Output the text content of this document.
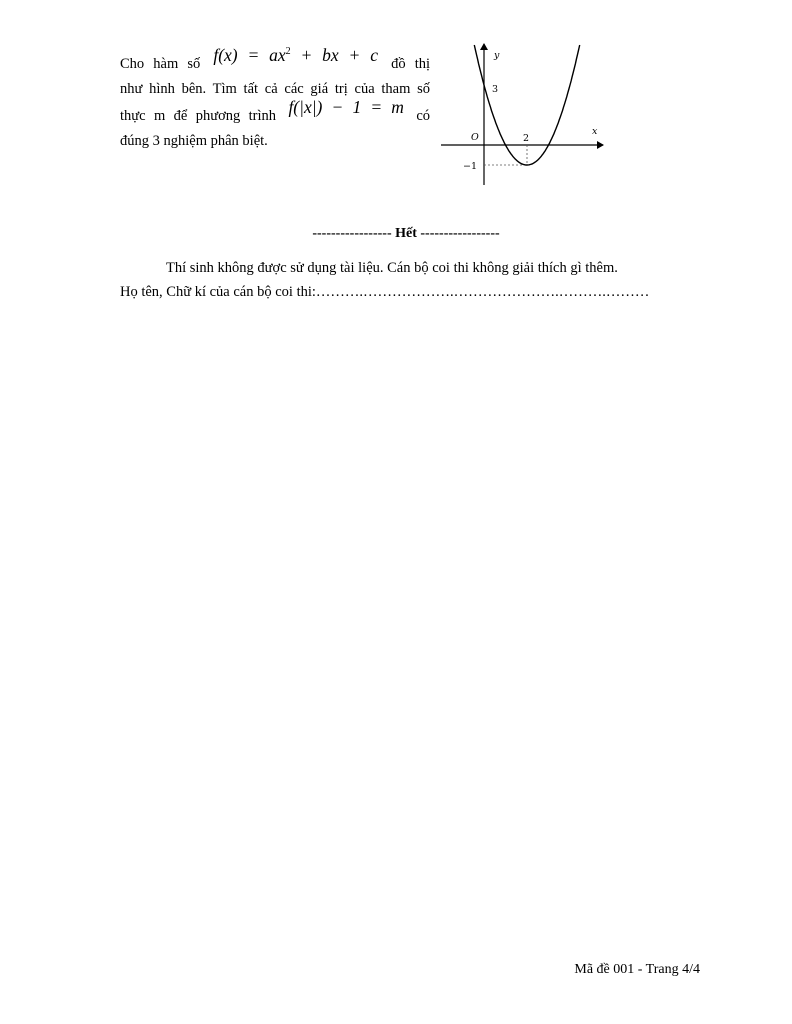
Cho hàm số $f(x) = ax^2$ + bx + c đồ thị
như hình bên. Tìm tất cả các giá trị của tham số
thực m để phương trình f(|x|) − 1 = m có
đúng 3 nghiệm phân biệt.
y
x
O
3
2
−1
----------------- Hết -----------------
Thí sinh không được sử dụng tài liệu. Cán bộ coi thi không giải thích gì thêm.
Họ tên, Chữ kí của cán bộ coi thi:……….……………….………………….……….………
Mã đề 001 - Trang 4/4
